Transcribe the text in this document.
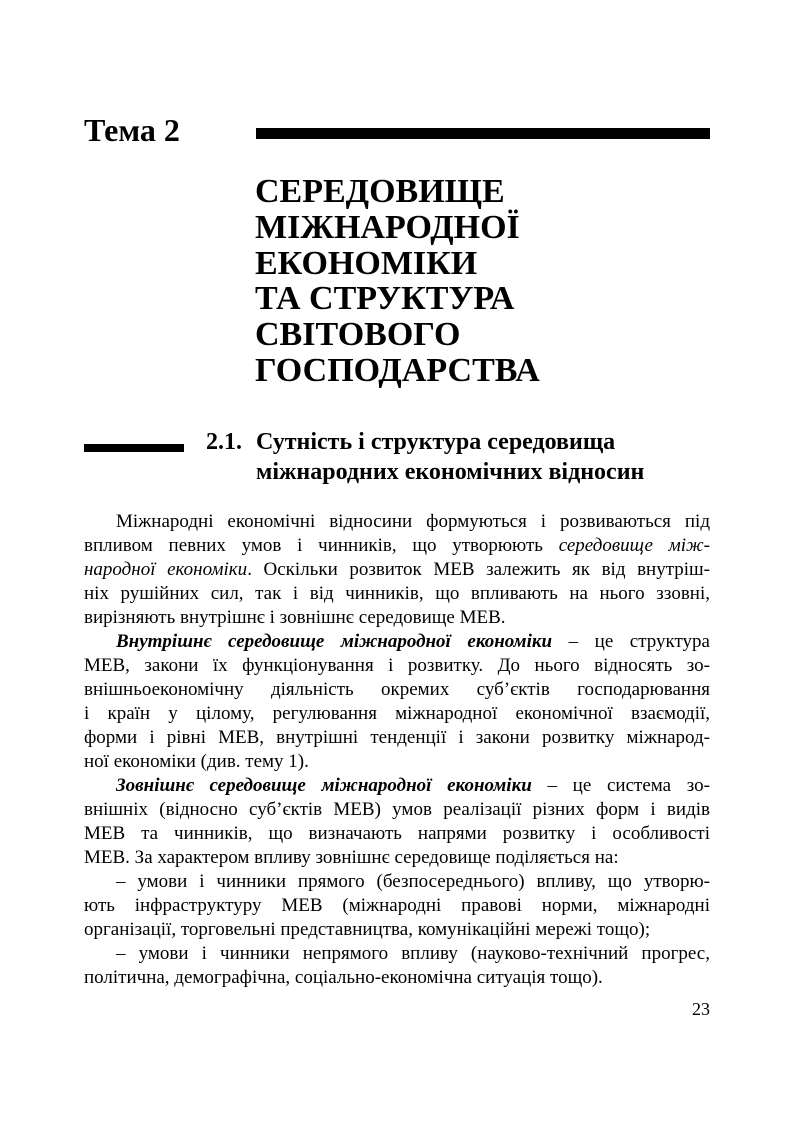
Тема 2
СЕРЕДОВИЩЕ
МІЖНАРОДНОЇ
ЕКОНОМІКИ
ТА СТРУКТУРА
СВІТОВОГО
ГОСПОДАРСТВА
2.1. Сутність і структура середовища
міжнародних економічних відносин
Міжнародні економічні відносини формуються і розвиваються під
впливом певних умов і чинників, що утворюють середовище між-
народної економіки. Оскільки розвиток МЕВ залежить як від внутріш-
ніх рушійних сил, так і від чинників, що впливають на нього ззовні,
вирізняють внутрішнє і зовнішнє середовище МЕВ.
Внутрішнє середовище міжнародної економіки – це структура
МЕВ, закони їх функціонування і розвитку. До нього відносять зо-
внішньоекономічну діяльність окремих суб’єктів господарювання
і країн у цілому, регулювання міжнародної економічної взаємодії,
форми і рівні МЕВ, внутрішні тенденції і закони розвитку міжнарод-
ної економіки (див. тему 1).
Зовнішнє середовище міжнародної економіки – це система зо-
внішніх (відносно суб’єктів МЕВ) умов реалізації різних форм і видів
МЕВ та чинників, що визначають напрями розвитку і особливості
МЕВ. За характером впливу зовнішнє середовище поділяється на:
– умови і чинники прямого (безпосереднього) впливу, що утворю-
ють інфраструктуру МЕВ (міжнародні правові норми, міжнародні
організації, торговельні представництва, комунікаційні мережі тощо);
– умови і чинники непрямого впливу (науково-технічний прогрес,
політична, демографічна, соціально-економічна ситуація тощо).
23
